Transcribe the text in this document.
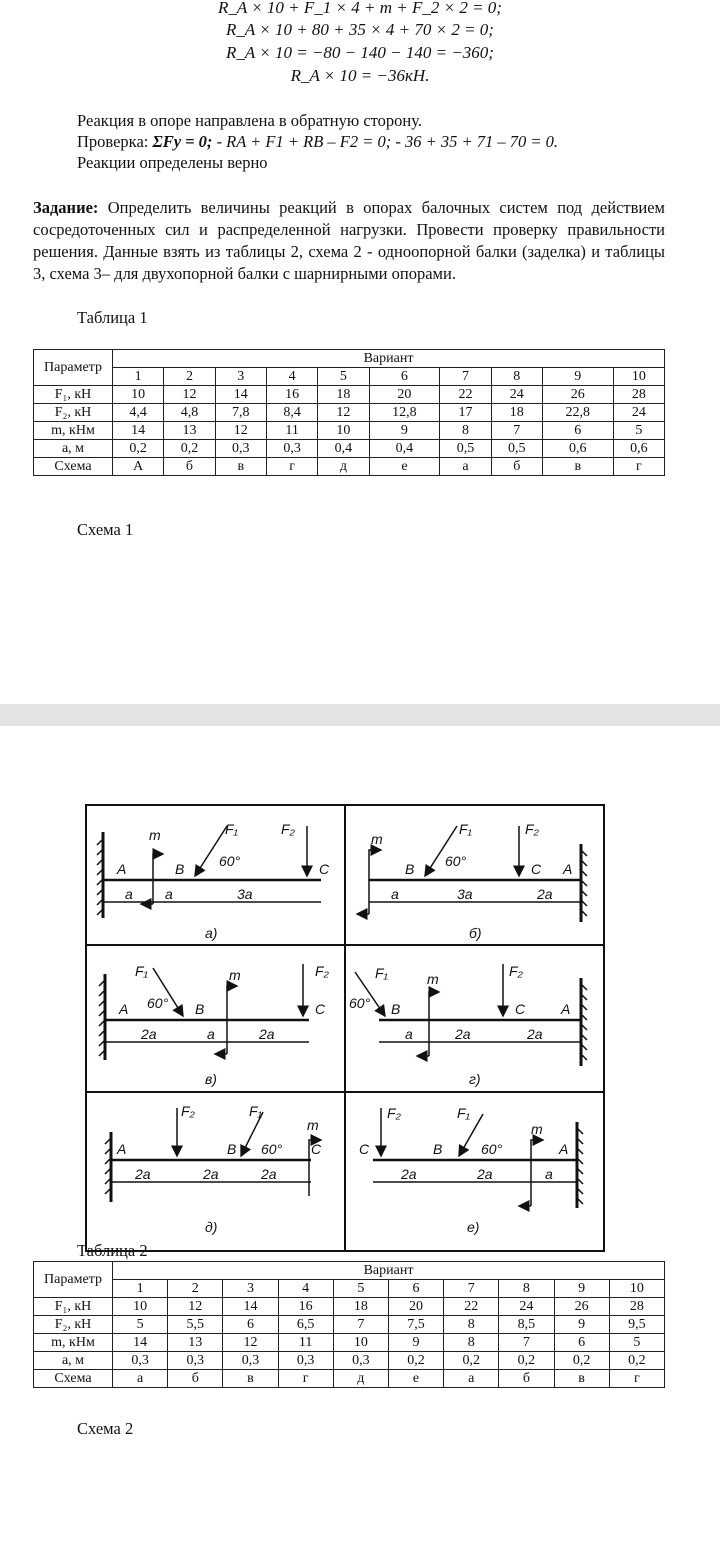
R_A × 10 + F_1 × 4 + m + F_2 × 2 = 0;
R_A × 10 + 80 + 35 × 4 + 70 × 2 = 0;
R_A × 10 = −80 − 140 − 140 = −360;
R_A × 10 = −36кН.
Реакция в опоре направлена в обратную сторону.
Проверка: ΣFy = 0; - RA + F1 + RB – F2 = 0; - 36 + 35 + 71 – 70 = 0.
Реакции определены верно
Задание: Определить величины реакций в опорах балочных систем под действием сосредоточенных сил и распределенной нагрузки. Провести проверку правильности решения. Данные взять из таблицы 2, схема 2 - одноопорной балки (заделка) и таблицы 3, схема 3– для двухопорной балки с шарнирными опорами.
Таблица 1
Параметр	Вариант									
	1	2	3	4	5	6	7	8	9	10
F₁, кН	10	12	14	16	18	20	22	24	26	28
F₂, кН	4,4	4,8	7,8	8,4	12	12,8	17	18	22,8	24
m, кНм	14	13	12	11	10	9	8	7	6	5
а, м	0,2	0,2	0,3	0,3	0,4	0,4	0,5	0,5	0,6	0,6
Схема	А	б	в	г	д	е	а	б	в	г
Схема 1
A	B	C
m	F₁	F₂
60°
a a	3a
а)
m
B	C A
F₁	F₂
60°
a	3a	2a
б)
F₁	m	F₂
60°
A	B	C
2a	a	2a
в)
F₁	m	F₂
60° B	C	A
a	2a	2a
г)
F₂	F₁
m
60°
A	B	C
2a	2a	2a
д)
F₂	F₁
m
60°
C	B	A
2a	2a	a
е)
Таблица 2
Параметр	Вариант									
	1	2	3	4	5	6	7	8	9	10
F₁, кН	10	12	14	16	18	20	22	24	26	28
F₂, кН	5	5,5	6	6,5	7	7,5	8	8,5	9	9,5
m, кНм	14	13	12	11	10	9	8	7	6	5
а, м	0,3	0,3	0,3	0,3	0,3	0,2	0,2	0,2	0,2	0,2
Схема	а	б	в	г	д	е	а	б	в	г
Схема 2
